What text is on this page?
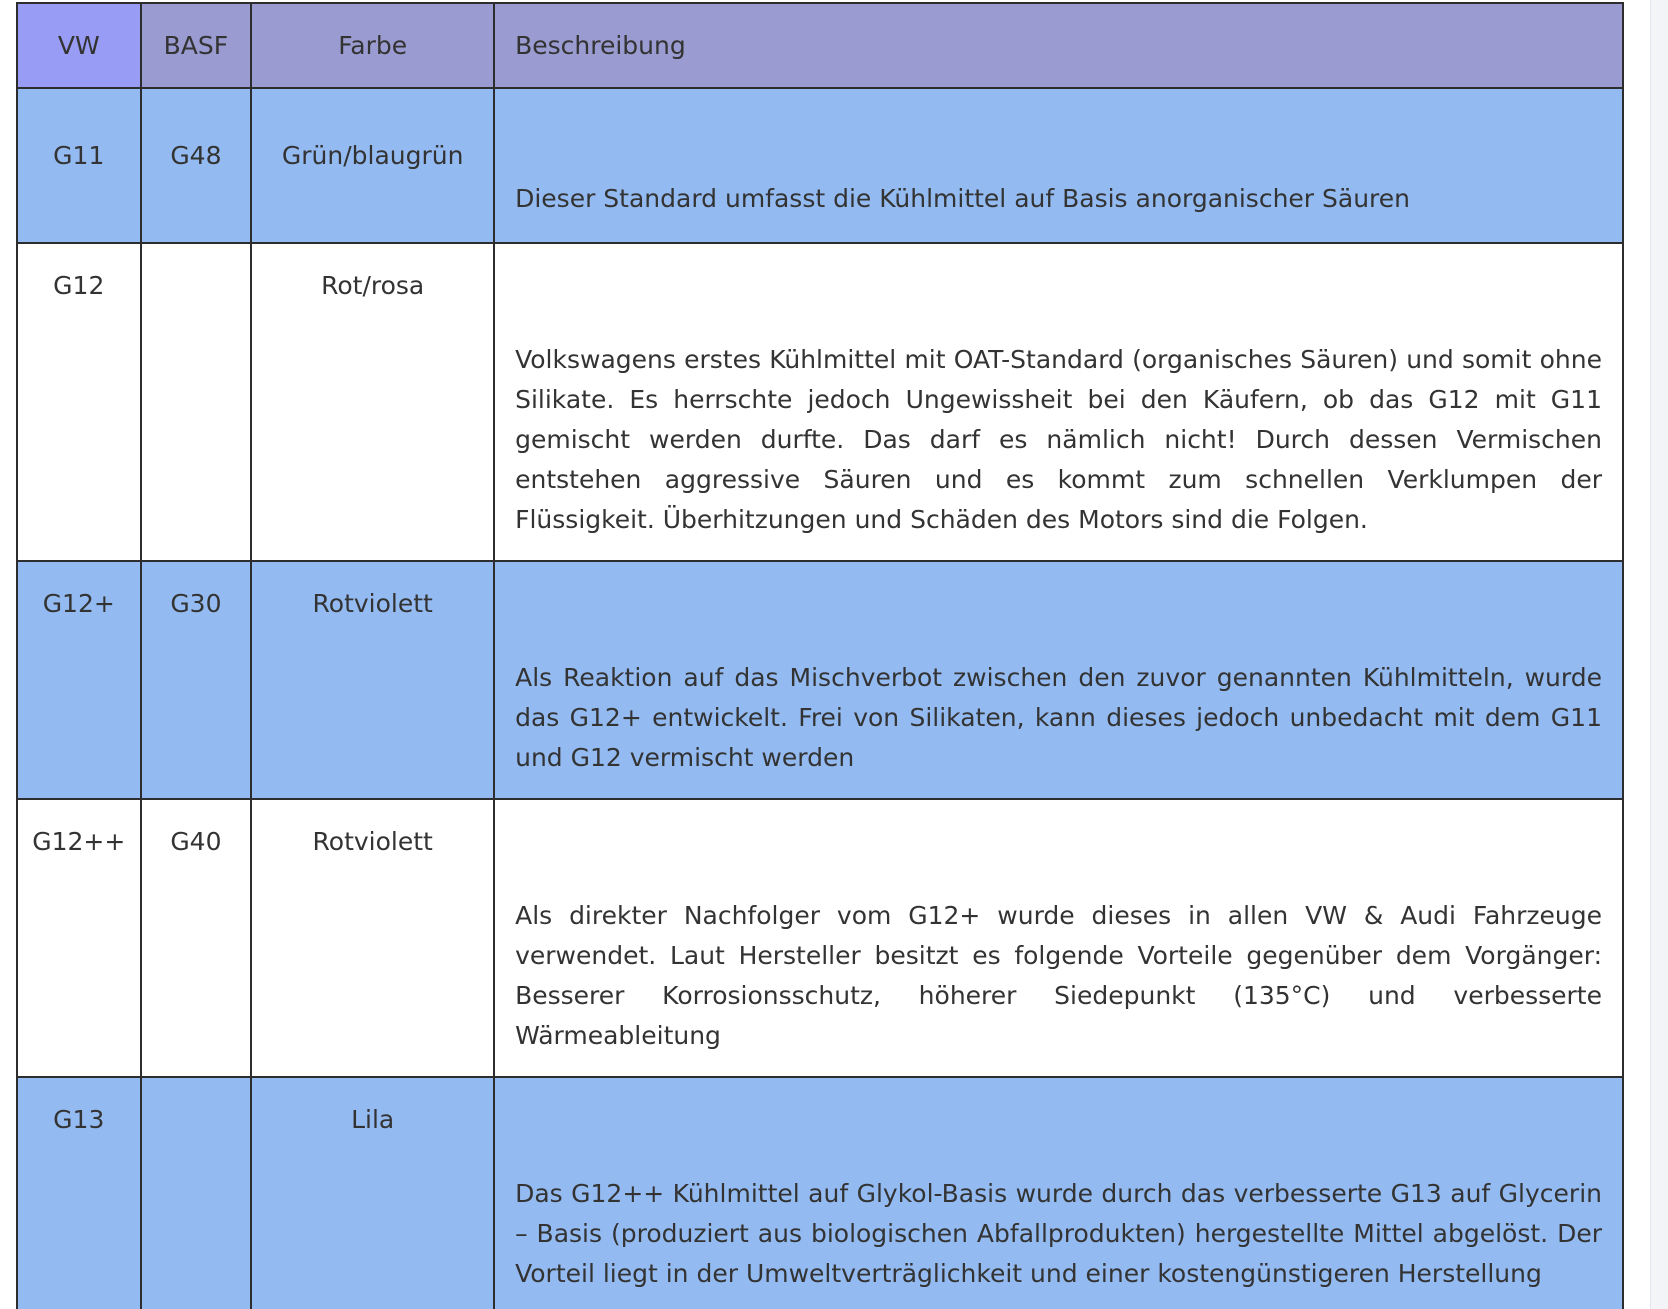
VW	BASF	Farbe	Beschreibung
G11	G48	Grün/blaugrün	Dieser Standard umfasst die Kühlmittel auf Basis anorganischer Säuren
G12		Rot/rosa	Volkswagens erstes Kühlmittel mit OAT-Standard (organisches Säuren) und somit ohne Silikate. Es herrschte jedoch Ungewissheit bei den Käufern, ob das G12 mit G11 gemischt werden durfte. Das darf es nämlich nicht! Durch dessen Vermischen entstehen aggressive Säuren und es kommt zum schnellen Verklumpen der Flüssigkeit. Überhitzungen und Schäden des Motors sind die Folgen.
G12+	G30	Rotviolett	Als Reaktion auf das Mischverbot zwischen den zuvor genannten Kühlmitteln, wurde das G12+ entwickelt. Frei von Silikaten, kann dieses jedoch unbedacht mit dem G11 und G12 vermischt werden
G12++	G40	Rotviolett	Als direkter Nachfolger vom G12+ wurde dieses in allen VW & Audi Fahrzeuge verwendet. Laut Hersteller besitzt es folgende Vorteile gegenüber dem Vorgänger: Besserer Korrosionsschutz, höherer Siedepunkt (135°C) und verbesserte Wärmeableitung
G13		Lila	Das G12++ Kühlmittel auf Glykol-Basis wurde durch das verbesserte G13 auf Glycerin – Basis (produziert aus biologischen Abfallprodukten) hergestellte Mittel abgelöst. Der Vorteil liegt in der Umweltverträglichkeit und einer kostengünstigeren Herstellung
